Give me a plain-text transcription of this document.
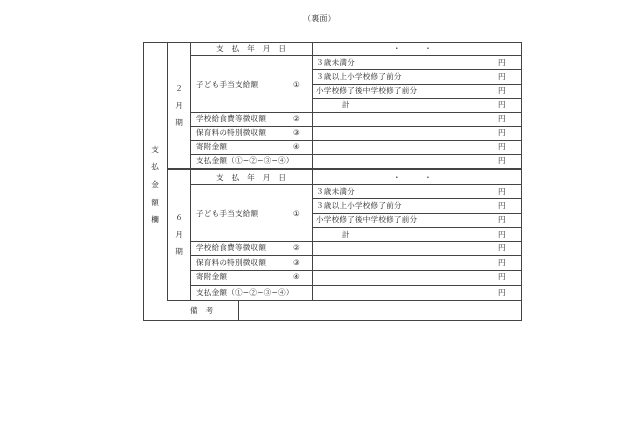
（裏面）
支
払
金
額
欄
２
月
期
支　払　年　月　日	・　　　・
子ども手当支給額	①
３歳未満分	円
３歳以上小学校修了前分	円
小学校修了後中学校修了前分	円
計	円
学校給食費等徴収額	②	円
保育料の特別徴収額	③	円
寄附金額	④	円
支払金額（①−②−③−④）	円
６
月
期
支　払　年　月　日	・　　　・
子ども手当支給額	①
３歳未満分	円
３歳以上小学校修了前分	円
小学校修了後中学校修了前分	円
計	円
学校給食費等徴収額	②	円
保育料の特別徴収額	③	円
寄附金額	④	円
支払金額（①−②−③−④）	円
備　考
